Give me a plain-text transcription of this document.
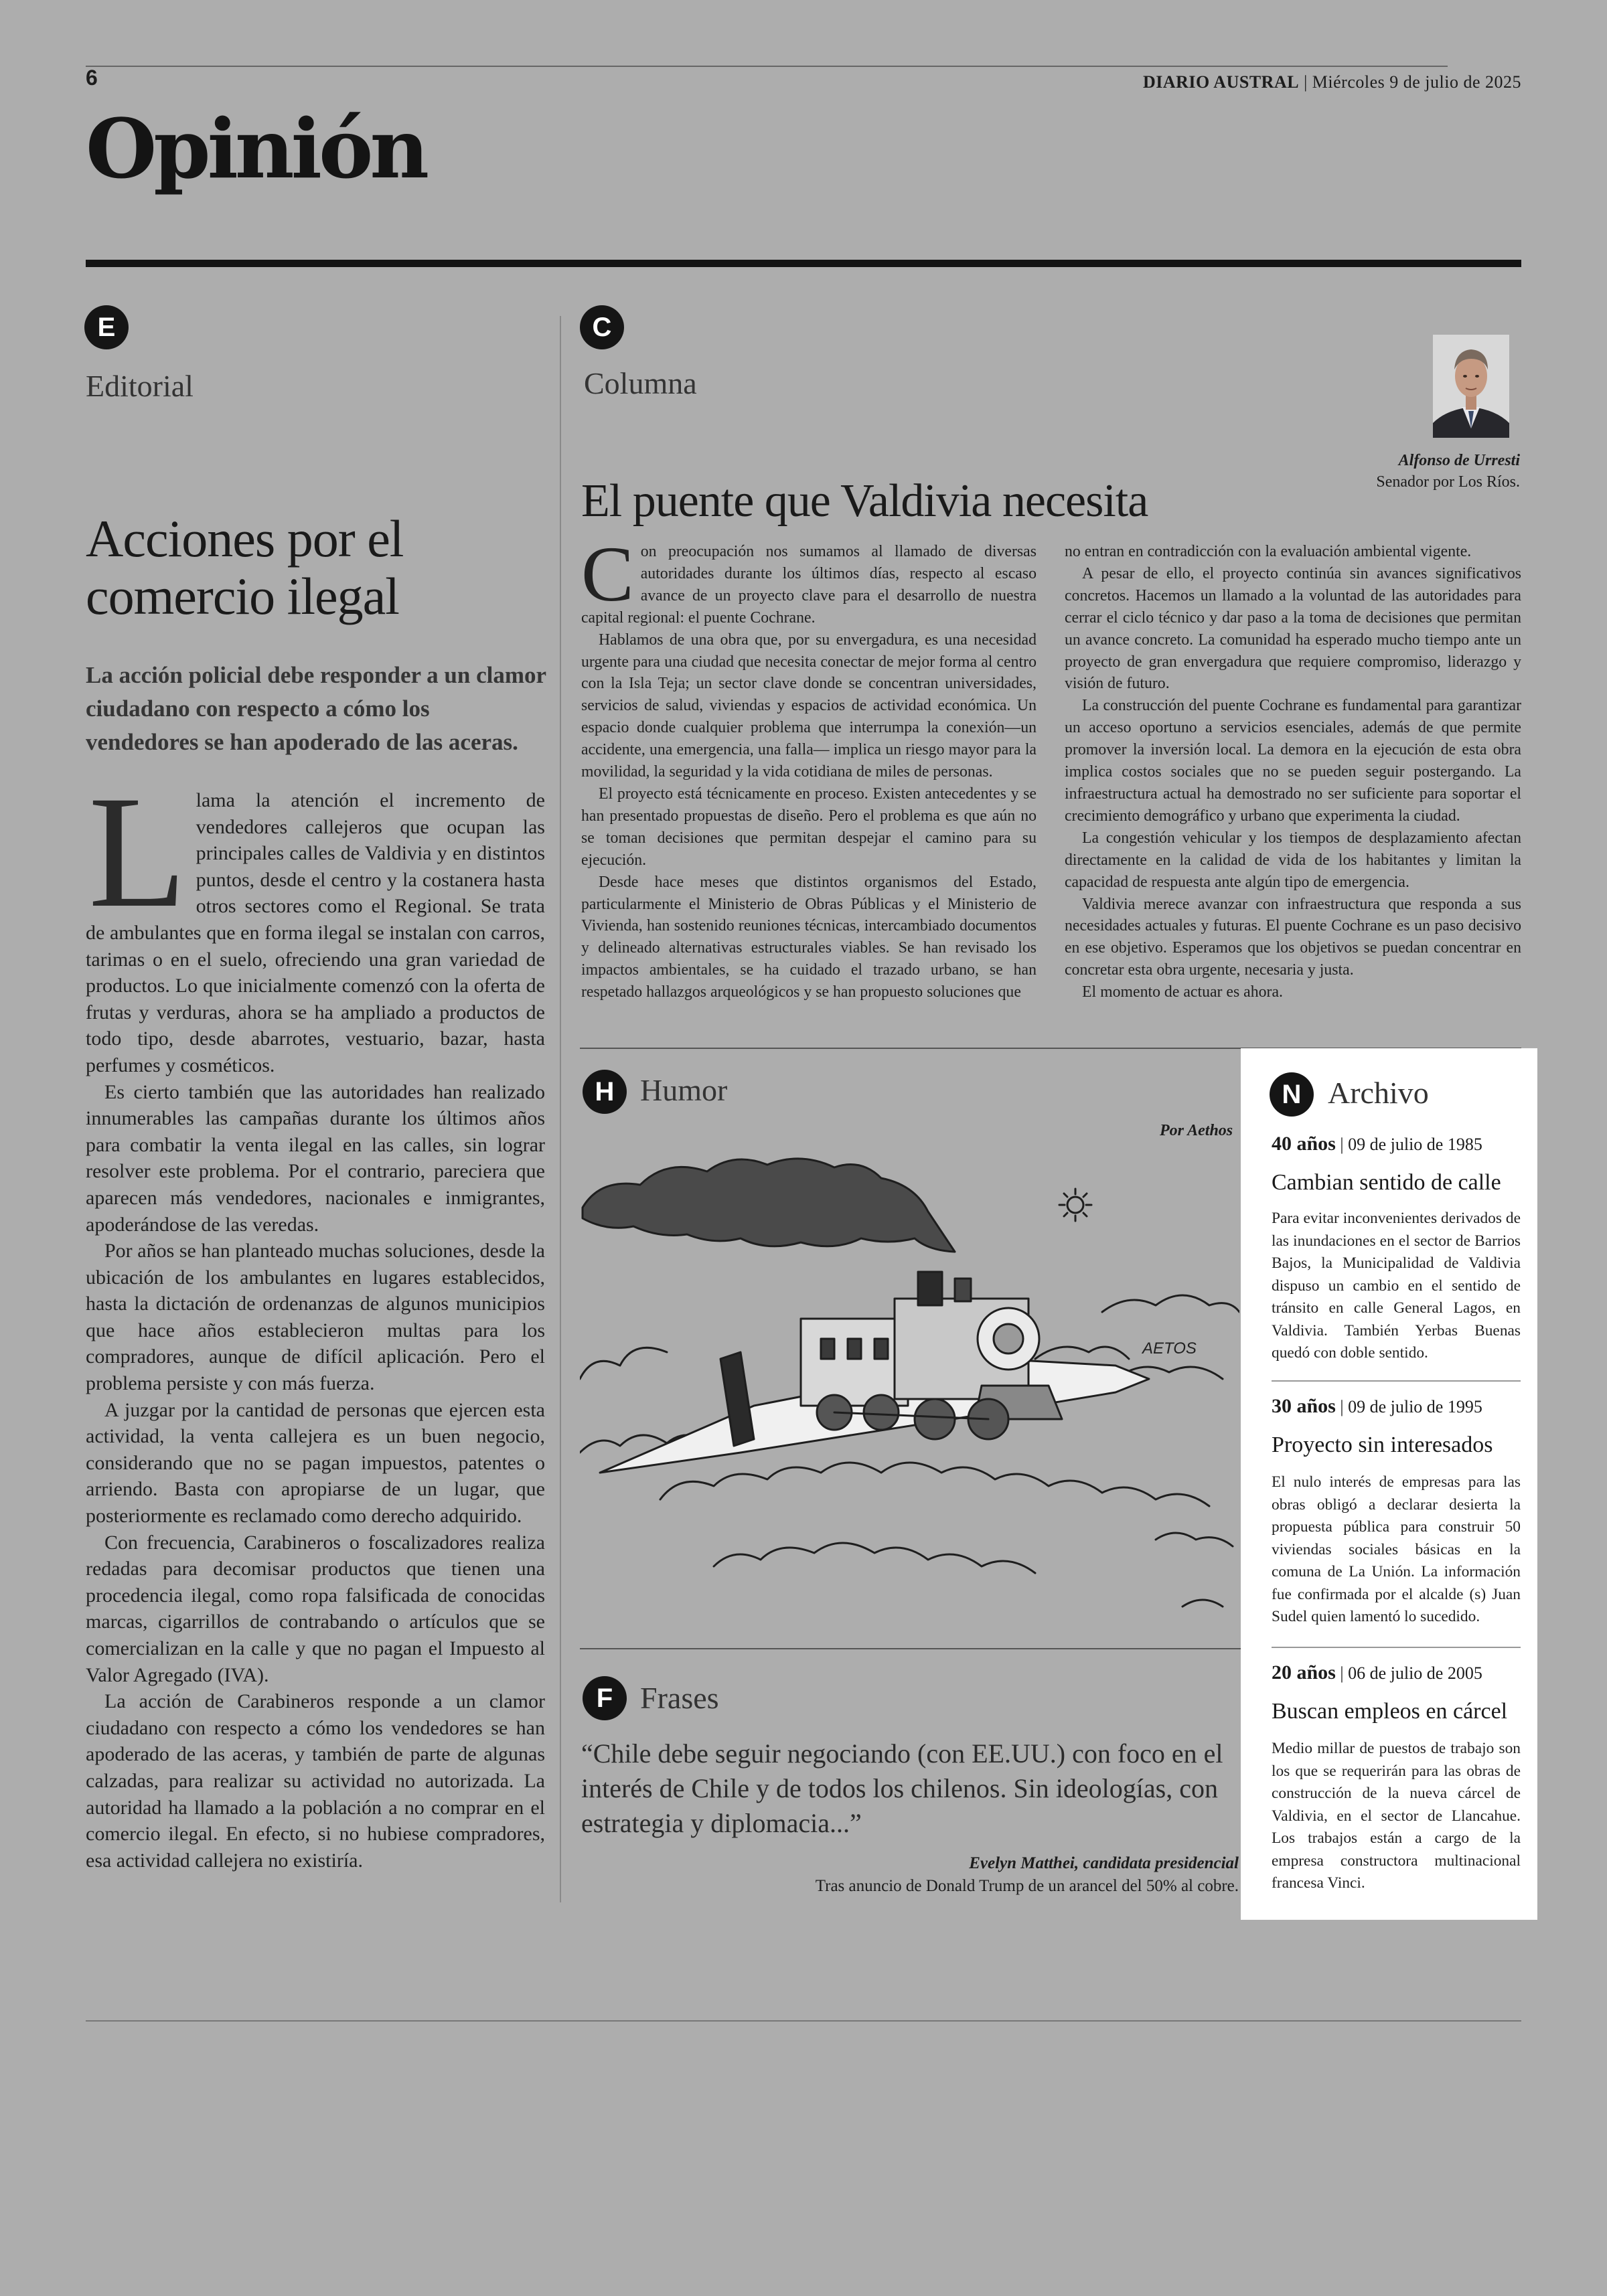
6	DIARIO AUSTRAL | Miércoles 9 de julio de 2025
Opinión
E
Editorial
Acciones por el comercio ilegal
La acción policial debe responder a un clamor ciudadano con respecto a cómo los vendedores se han apoderado de las aceras.

Llama la atención el incremento de vendedores callejeros que ocupan las principales calles de Valdivia y en distintos puntos, desde el centro y la costanera hasta otros sectores como el Regional. Se trata de ambulantes que en forma ilegal se instalan con carros, tarimas o en el suelo, ofreciendo una gran variedad de productos. Lo que inicialmente comenzó con la oferta de frutas y verduras, ahora se ha ampliado a productos de todo tipo, desde abarrotes, vestuario, bazar, hasta perfumes y cosméticos.

Es cierto también que las autoridades han realizado innumerables las campañas durante los últimos años para combatir la venta ilegal en las calles, sin lograr resolver este problema. Por el contrario, pareciera que aparecen más vendedores, nacionales e inmigrantes, apoderándose de las veredas.

Por años se han planteado muchas soluciones, desde la ubicación de los ambulantes en lugares establecidos, hasta la dictación de ordenanzas de algunos municipios que hace años establecieron multas para los compradores, aunque de difícil aplicación. Pero el problema persiste y con más fuerza.

A juzgar por la cantidad de personas que ejercen esta actividad, la venta callejera es un buen negocio, considerando que no se pagan impuestos, patentes o arriendo. Basta con apropiarse de un lugar, que posteriormente es reclamado como derecho adquirido.

Con frecuencia, Carabineros o foscalizadores realiza redadas para decomisar productos que tienen una procedencia ilegal, como ropa falsificada de conocidas marcas, cigarrillos de contrabando o artículos que se comercializan en la calle y que no pagan el Impuesto al Valor Agregado (IVA).

La acción de Carabineros responde a un clamor ciudadano con respecto a cómo los vendedores se han apoderado de las aceras, y también de parte de algunas calzadas, para realizar su actividad no autorizada. La autoridad ha llamado a la población a no comprar en el comercio ilegal. En efecto, si no hubiese compradores, esa actividad callejera no existiría.

C
Columna
Alfonso de Urresti
Senador por Los Ríos.
El puente que Valdivia necesita

Con preocupación nos sumamos al llamado de diversas autoridades durante los últimos días, respecto al escaso avance de un proyecto clave para el desarrollo de nuestra capital regional: el puente Cochrane.

Hablamos de una obra que, por su envergadura, es una necesidad urgente para una ciudad que necesita conectar de mejor forma al centro con la Isla Teja; un sector clave donde se concentran universidades, servicios de salud, viviendas y espacios de actividad económica. Un espacio donde cualquier problema que interrumpa la conexión—un accidente, una emergencia, una falla— implica un riesgo mayor para la movilidad, la seguridad y la vida cotidiana de miles de personas.

El proyecto está técnicamente en proceso. Existen antecedentes y se han presentado propuestas de diseño. Pero el problema es que aún no se toman decisiones que permitan despejar el camino para su ejecución.

Desde hace meses que distintos organismos del Estado, particularmente el Ministerio de Obras Públicas y el Ministerio de Vivienda, han sostenido reuniones técnicas, intercambiado documentos y delineado alternativas estructurales viables. Se han revisado los impactos ambientales, se ha cuidado el trazado urbano, se han respetado hallazgos arqueológicos y se han propuesto soluciones que

no entran en contradicción con la evaluación ambiental vigente.

A pesar de ello, el proyecto continúa sin avances significativos concretos. Hacemos un llamado a la voluntad de las autoridades para cerrar el ciclo técnico y dar paso a la toma de decisiones que permitan un avance concreto. La comunidad ha esperado mucho tiempo ante un proyecto de gran envergadura que requiere compromiso, liderazgo y visión de futuro.

La construcción del puente Cochrane es fundamental para garantizar un acceso oportuno a servicios esenciales, además de que permite promover la inversión local. La demora en la ejecución de esta obra implica costos sociales que no se pueden seguir postergando. La infraestructura actual ha demostrado no ser suficiente para soportar el crecimiento demográfico y urbano que experimenta la ciudad.

La congestión vehicular y los tiempos de desplazamiento afectan directamente en la calidad de vida de los habitantes y limitan la capacidad de respuesta ante algún tipo de emergencia.

Valdivia merece avanzar con infraestructura que responda a sus necesidades actuales y futuras. El puente Cochrane es un paso decisivo en ese objetivo. Esperamos que los objetivos se puedan concentrar en concretar esta obra urgente, necesaria y justa.

El momento de actuar es ahora.

H Humor
Por Aethos
AETOS
F Frases
“Chile debe seguir negociando (con EE.UU.) con foco en el interés de Chile y de todos los chilenos. Sin ideologías, con estrategia y diplomacia...”
Evelyn Matthei, candidata presidencial
Tras anuncio de Donald Trump de un arancel del 50% al cobre.
N Archivo
40 años | 09 de julio de 1985
Cambian sentido de calle
Para evitar inconvenientes derivados de las inundaciones en el sector de Barrios Bajos, la Municipalidad de Valdivia dispuso un cambio en el sentido de tránsito en calle General Lagos, en Valdivia. También Yerbas Buenas quedó con doble sentido.
30 años | 09 de julio de 1995
Proyecto sin interesados
El nulo interés de empresas para las obras obligó a declarar desierta la propuesta pública para construir 50 viviendas sociales básicas en la comuna de La Unión. La información fue confirmada por el alcalde (s) Juan Sudel quien lamentó lo sucedido.
20 años | 06 de julio de 2005
Buscan empleos en cárcel
Medio millar de puestos de trabajo son los que se requerirán para las obras de construcción de la nueva cárcel de Valdivia, en el sector de Llancahue. Los trabajos están a cargo de la empresa constructora multinacional francesa Vinci.
